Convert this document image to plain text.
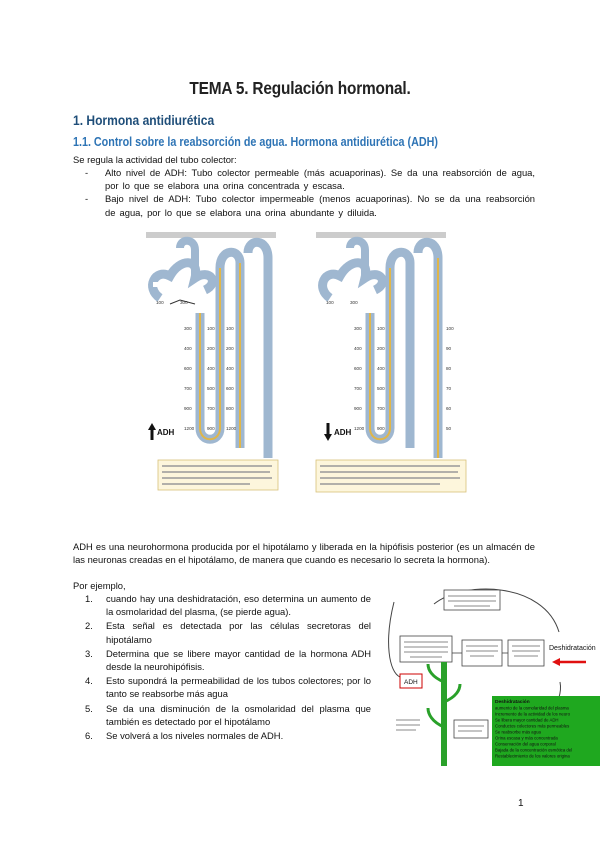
TEMA 5. Regulación hormonal.
1. Hormona antidiurética
1.1. Control sobre la reabsorción de agua. Hormona antidiurética (ADH)
Se regula la actividad del tubo colector:
- Alto nivel de ADH: Tubo colector permeable (más acuaporinas). Se da una reabsorción de agua, por lo que se elabora una orina concentrada y escasa.
- Bajo nivel de ADH: Tubo colector impermeable (menos acuaporinas). No se da una reabsorción de agua, por lo que se elabora una orina abundante y diluida.
100	300
300
400
600
700
900
1200
100
200
400
500
700
900
100
200
400
600
800
1200
ADH
100	300
300
400
600
700
900
1200
100
200
400
500
700
900
100
90
80
70
60
50
ADH
ADH es una neurohormona producida por el hipotálamo y liberada en la hipófisis posterior (es un almacén de las neuronas creadas en el hipotálamo, de manera que cuando es necesario lo secreta la hormona).
Por ejemplo,
1. cuando hay una deshidratación, eso determina un aumento de la osmolaridad del plasma, (se pierde agua).
2. Esta señal es detectada por las células secretoras del hipotálamo
3. Determina que se libere mayor cantidad de la hormona ADH desde la neurohipófisis.
4. Esto supondrá la permeabilidad de los tubos colectores; por lo tanto se reabsorbe más agua
5. Se da una disminución de la osmolaridad del plasma que también es detectado por el hipotálamo
6. Se volverá a los niveles normales de ADH.
ADH
Deshidratación
Deshidratación
aumento de la osmolaridad del plasma
Incremento de la actividad de los neuro
Se libera mayor cantidad de ADH
Conductos colectores más permeables
Se reabsorbe más agua
Orina escasa y más concentrada
Conservación del agua corporal
Bajada de la concentración osmótica del
Restablecimiento de los valores origina
1
